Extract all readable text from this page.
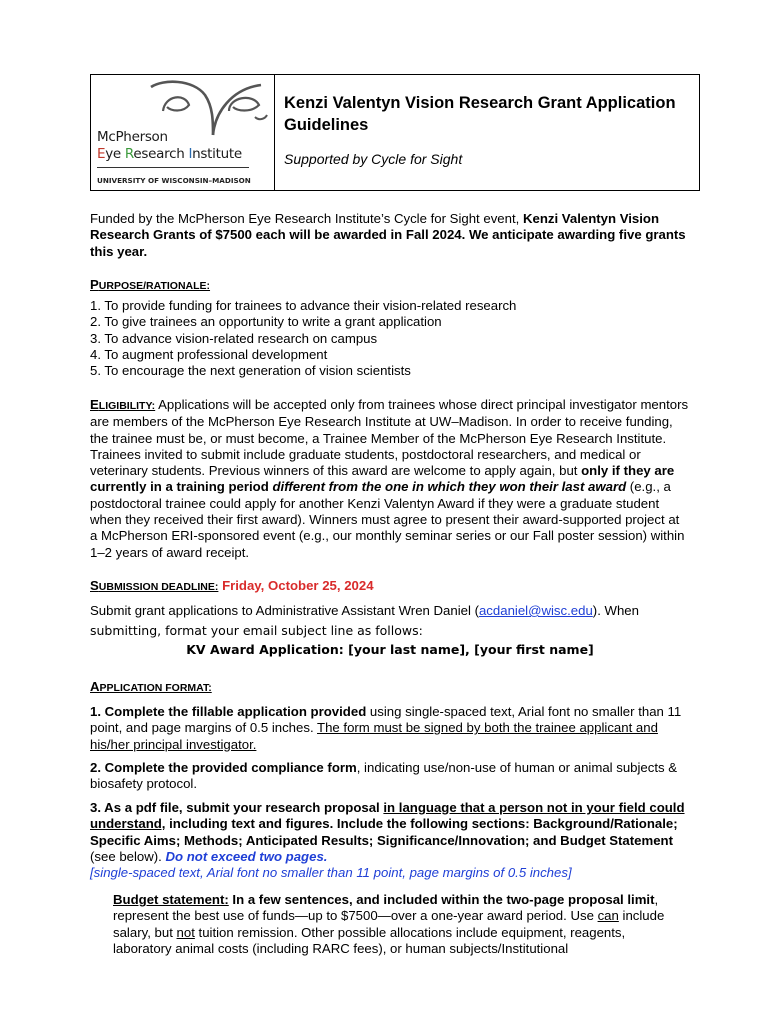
McPherson
Eye Research Institute
UNIVERSITY OF WISCONSIN–MADISON
Kenzi Valentyn Vision Research Grant Application Guidelines
Supported by Cycle for Sight
Funded by the McPherson Eye Research Institute’s Cycle for Sight event, Kenzi Valentyn Vision Research Grants of $7500 each will be awarded in Fall 2024. We anticipate awarding five grants this year.
PURPOSE/RATIONALE:
1. To provide funding for trainees to advance their vision-related research
2. To give trainees an opportunity to write a grant application
3. To advance vision-related research on campus
4. To augment professional development
5. To encourage the next generation of vision scientists
ELIGIBILITY: Applications will be accepted only from trainees whose direct principal investigator mentors are members of the McPherson Eye Research Institute at UW–Madison. In order to receive funding, the trainee must be, or must become, a Trainee Member of the McPherson Eye Research Institute. Trainees invited to submit include graduate students, postdoctoral researchers, and medical or veterinary students. Previous winners of this award are welcome to apply again, but only if they are currently in a training period different from the one in which they won their last award (e.g., a postdoctoral trainee could apply for another Kenzi Valentyn Award if they were a graduate student when they received their first award). Winners must agree to present their award-supported project at a McPherson ERI-sponsored event (e.g., our monthly seminar series or our Fall poster session) within 1–2 years of award receipt.
SUBMISSION DEADLINE: Friday, October 25, 2024
Submit grant applications to Administrative Assistant Wren Daniel (acdaniel@wisc.edu). When
submitting, format your email subject line as follows:
KV Award Application: [your last name], [your first name]
APPLICATION FORMAT:
1. Complete the fillable application provided using single-spaced text, Arial font no smaller than 11 point, and page margins of 0.5 inches. The form must be signed by both the trainee applicant and his/her principal investigator.
2. Complete the provided compliance form, indicating use/non-use of human or animal subjects & biosafety protocol.
3. As a pdf file, submit your research proposal in language that a person not in your field could understand, including text and figures. Include the following sections: Background/Rationale; Specific Aims; Methods; Anticipated Results; Significance/Innovation; and Budget Statement (see below). Do not exceed two pages.
[single-spaced text, Arial font no smaller than 11 point, page margins of 0.5 inches]
Budget statement: In a few sentences, and included within the two-page proposal limit, represent the best use of funds—up to $7500—over a one-year award period. Use can include salary, but not tuition remission. Other possible allocations include equipment, reagents, laboratory animal costs (including RARC fees), or human subjects/Institutional
